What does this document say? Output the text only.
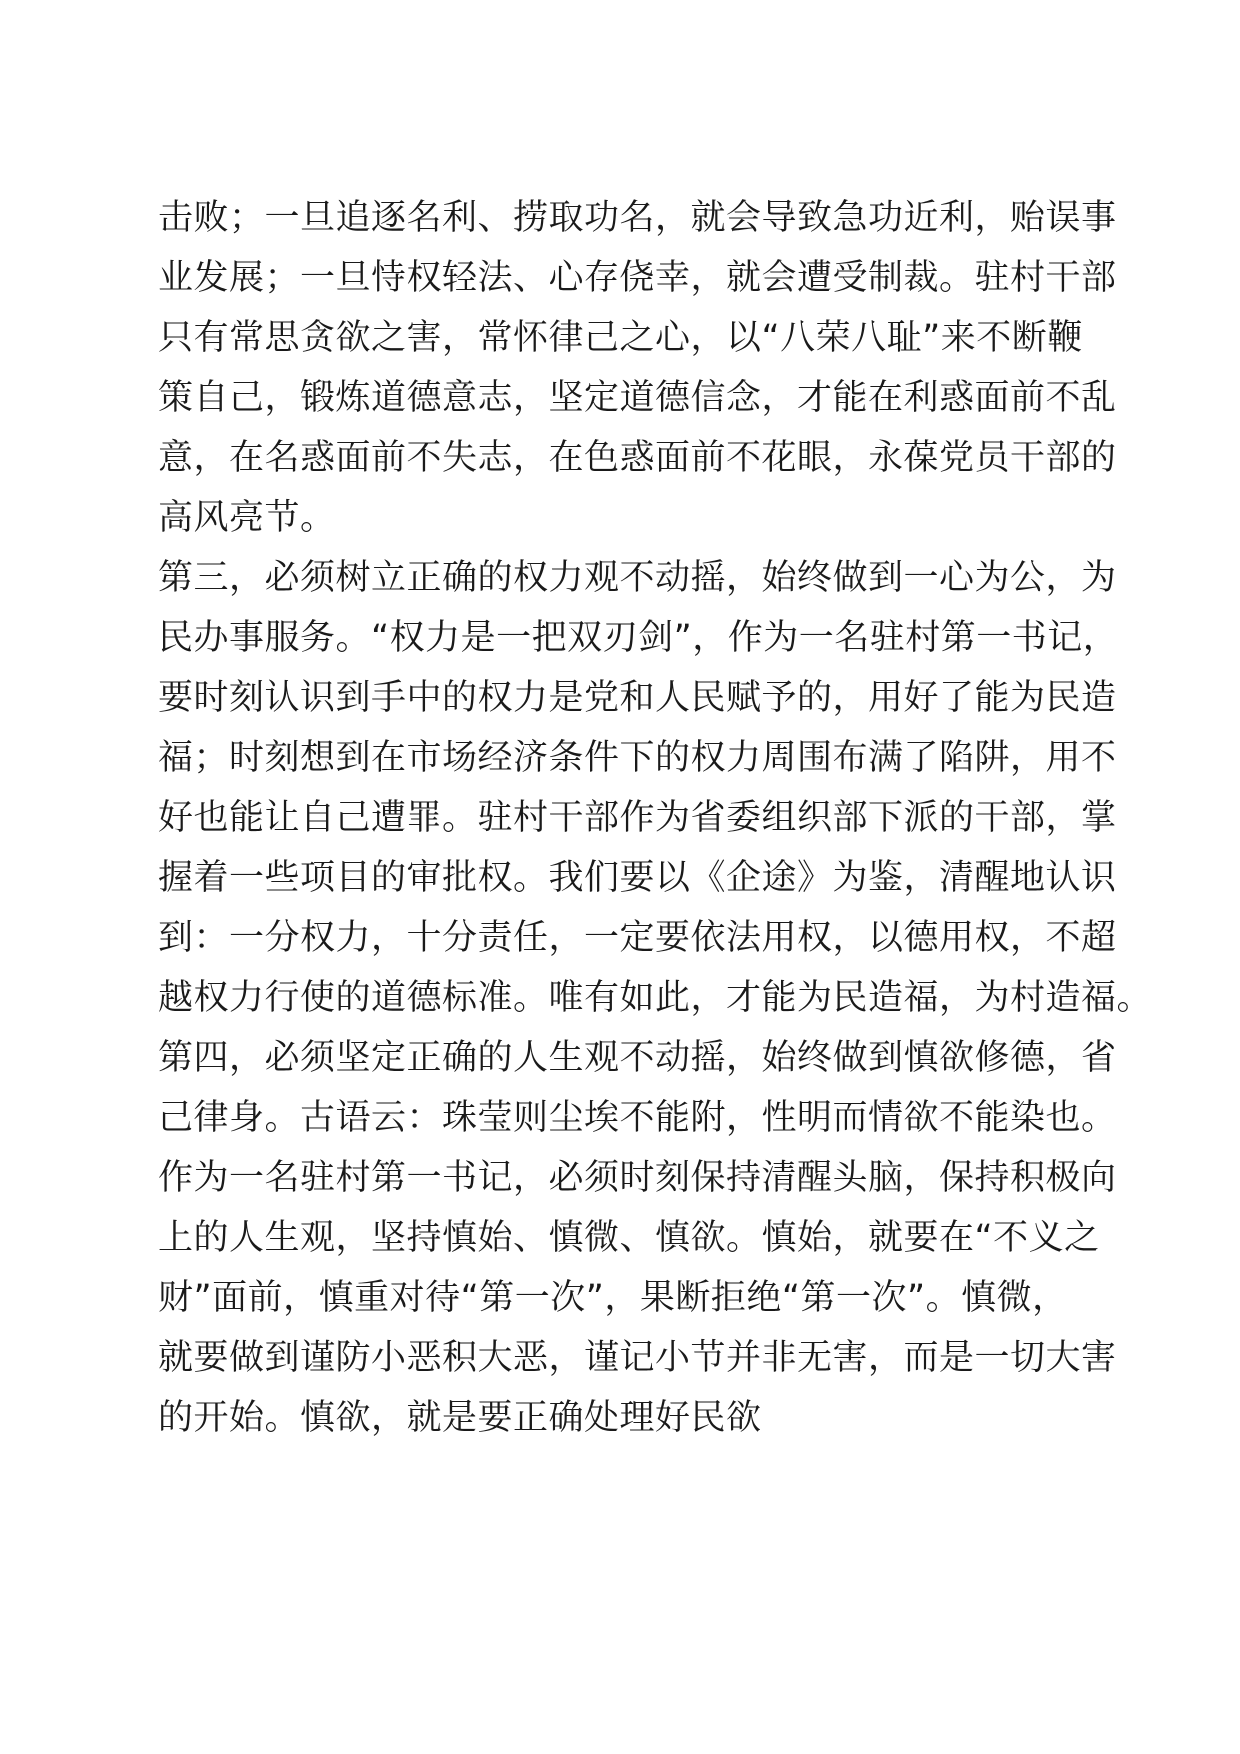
击败；一旦追逐名利、捞取功名，就会导致急功近利，贻误事
业发展；一旦恃权轻法、心存侥幸，就会遭受制裁。驻村干部
只有常思贪欲之害，常怀律己之心，以“八荣八耻”来不断鞭
策自己，锻炼道德意志，坚定道德信念，才能在利惑面前不乱
意，在名惑面前不失志，在色惑面前不花眼，永葆党员干部的
高风亮节。
第三，必须树立正确的权力观不动摇，始终做到一心为公，为
民办事服务。“权力是一把双刃剑”，作为一名驻村第一书记，
要时刻认识到手中的权力是党和人民赋予的，用好了能为民造
福；时刻想到在市场经济条件下的权力周围布满了陷阱，用不
好也能让自己遭罪。驻村干部作为省委组织部下派的干部，掌
握着一些项目的审批权。我们要以《企途》为鉴，清醒地认识
到：一分权力，十分责任，一定要依法用权，以德用权，不超
越权力行使的道德标准。唯有如此，才能为民造福，为村造福。
第四，必须坚定正确的人生观不动摇，始终做到慎欲修德，省
己律身。古语云：珠莹则尘埃不能附，性明而情欲不能染也。
作为一名驻村第一书记，必须时刻保持清醒头脑，保持积极向
上的人生观，坚持慎始、慎微、慎欲。慎始，就要在“不义之
财”面前，慎重对待“第一次”，果断拒绝“第一次”。慎微，
就要做到谨防小恶积大恶，谨记小节并非无害，而是一切大害
的开始。慎欲，就是要正确处理好民欲
